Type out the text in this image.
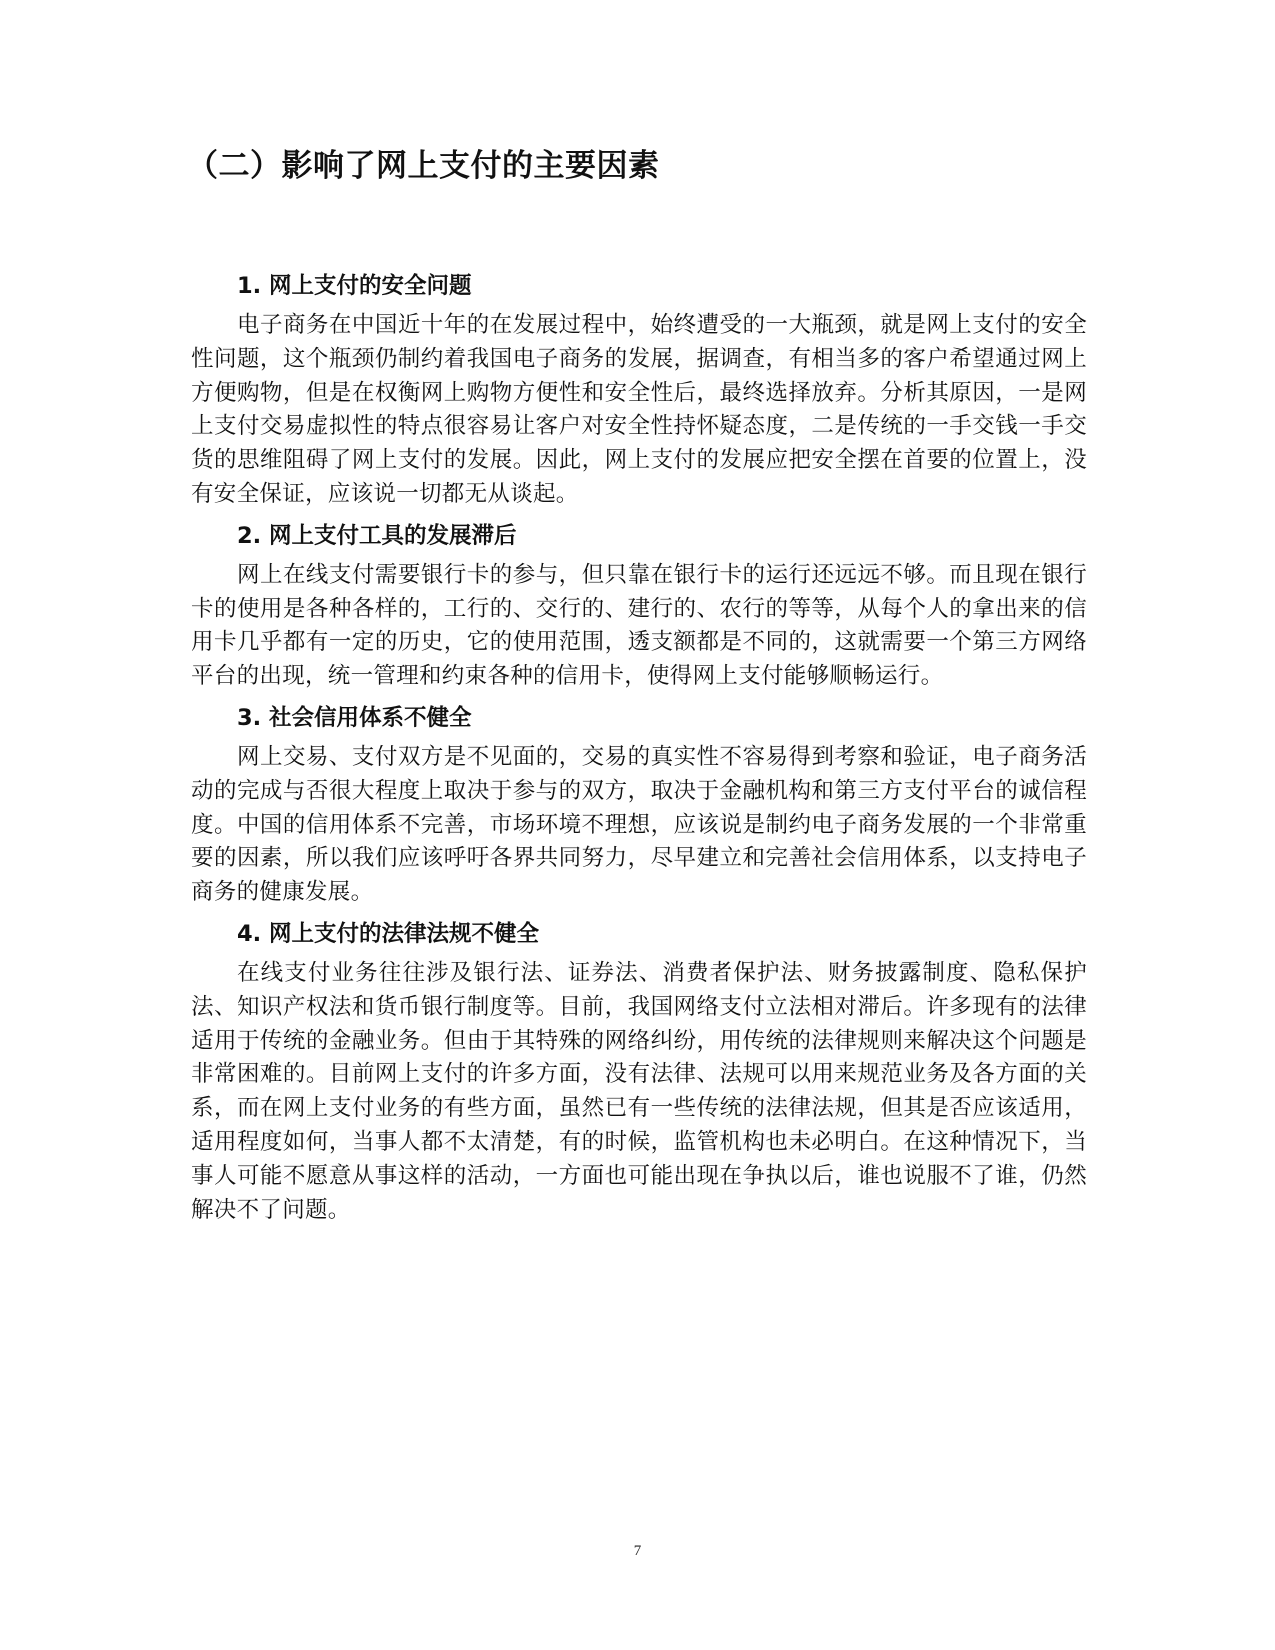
（二）影响了网上支付的主要因素
1. 网上支付的安全问题

电子商务在中国近十年的在发展过程中，始终遭受的一大瓶颈，就是网上支付的安全性问题，这个瓶颈仍制约着我国电子商务的发展，据调查，有相当多的客户希望通过网上方便购物，但是在权衡网上购物方便性和安全性后，最终选择放弃。分析其原因，一是网上支付交易虚拟性的特点很容易让客户对安全性持怀疑态度，二是传统的一手交钱一手交货的思维阻碍了网上支付的发展。因此，网上支付的发展应把安全摆在首要的位置上，没有安全保证，应该说一切都无从谈起。

2. 网上支付工具的发展滞后

网上在线支付需要银行卡的参与，但只靠在银行卡的运行还远远不够。而且现在银行卡的使用是各种各样的，工行的、交行的、建行的、农行的等等，从每个人的拿出来的信用卡几乎都有一定的历史，它的使用范围，透支额都是不同的，这就需要一个第三方网络平台的出现，统一管理和约束各种的信用卡，使得网上支付能够顺畅运行。

3. 社会信用体系不健全

网上交易、支付双方是不见面的，交易的真实性不容易得到考察和验证，电子商务活动的完成与否很大程度上取决于参与的双方，取决于金融机构和第三方支付平台的诚信程度。中国的信用体系不完善，市场环境不理想，应该说是制约电子商务发展的一个非常重要的因素，所以我们应该呼吁各界共同努力，尽早建立和完善社会信用体系，以支持电子商务的健康发展。

4. 网上支付的法律法规不健全

在线支付业务往往涉及银行法、证券法、消费者保护法、财务披露制度、隐私保护法、知识产权法和货币银行制度等。目前，我国网络支付立法相对滞后。许多现有的法律适用于传统的金融业务。但由于其特殊的网络纠纷，用传统的法律规则来解决这个问题是非常困难的。目前网上支付的许多方面，没有法律、法规可以用来规范业务及各方面的关系，而在网上支付业务的有些方面，虽然已有一些传统的法律法规，但其是否应该适用，适用程度如何，当事人都不太清楚，有的时候，监管机构也未必明白。在这种情况下，当事人可能不愿意从事这样的活动，一方面也可能出现在争执以后，谁也说服不了谁，仍然解决不了问题。

7
